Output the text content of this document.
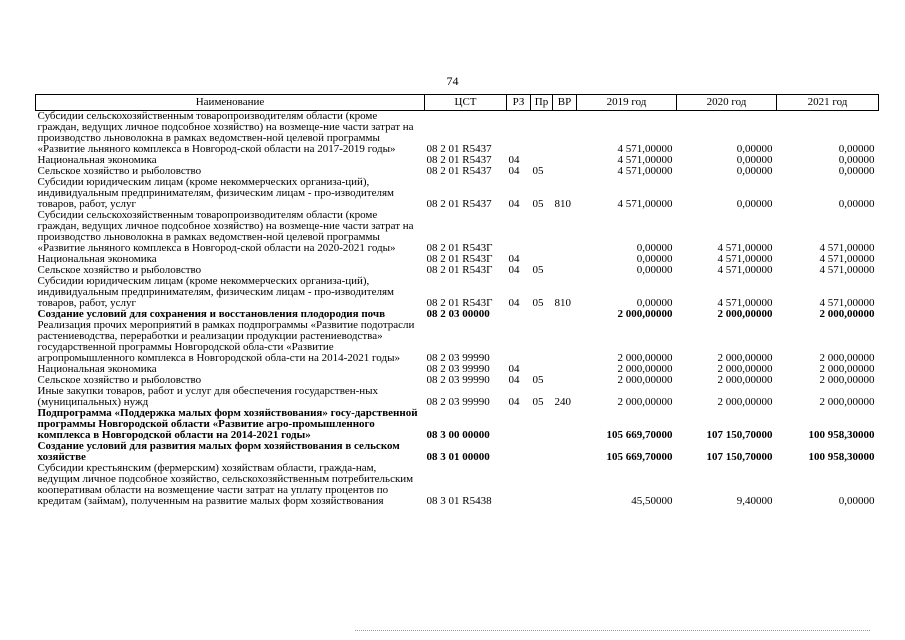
74
Наименование	ЦСТ	РЗ	Пр	ВР	2019 год	2020 год	2021 год
Субсидии сельскохозяйственным товаропроизводителям области (кроме граждан, ведущих личное подсобное хозяйство) на возмеще-ние части затрат на производство льноволокна в рамках ведомствен-ной целевой программы «Развитие льняного комплекса в Новгород-ской области на 2017-2019 годы»	08 2 01 R5437				4 571,00000	0,00000	0,00000
Национальная экономика	08 2 01 R5437	04			4 571,00000	0,00000	0,00000
Сельское хозяйство и рыболовство	08 2 01 R5437	04	05		4 571,00000	0,00000	0,00000
Субсидии юридическим лицам (кроме некоммерческих организа-ций), индивидуальным предпринимателям, физическим лицам - про-изводителям товаров, работ, услуг	08 2 01 R5437	04	05	810	4 571,00000	0,00000	0,00000
Субсидии сельскохозяйственным товаропроизводителям области (кроме граждан, ведущих личное подсобное хозяйство) на возмеще-ние части затрат на производство льноволокна в рамках ведомствен-ной целевой программы «Развитие льняного комплекса в Новгород-ской области на 2020-2021 годы»	08 2 01 R543Г				0,00000	4 571,00000	4 571,00000
Национальная экономика	08 2 01 R543Г	04			0,00000	4 571,00000	4 571,00000
Сельское хозяйство и рыболовство	08 2 01 R543Г	04	05		0,00000	4 571,00000	4 571,00000
Субсидии юридическим лицам (кроме некоммерческих организа-ций), индивидуальным предпринимателям, физическим лицам - про-изводителям товаров, работ, услуг	08 2 01 R543Г	04	05	810	0,00000	4 571,00000	4 571,00000
Создание условий для сохранения и восстановления плодородия почв	08 2 03 00000				2 000,00000	2 000,00000	2 000,00000
Реализация прочих мероприятий в рамках подпрограммы «Развитие подотрасли растениеводства, переработки и реализации продукции растениеводства» государственной программы Новгородской обла-сти «Развитие агропромышленного комплекса в Новгородской обла-сти на 2014-2021 годы»	08 2 03 99990				2 000,00000	2 000,00000	2 000,00000
Национальная экономика	08 2 03 99990	04			2 000,00000	2 000,00000	2 000,00000
Сельское хозяйство и рыболовство	08 2 03 99990	04	05		2 000,00000	2 000,00000	2 000,00000
Иные закупки товаров, работ и услуг для обеспечения государствен-ных (муниципальных) нужд	08 2 03 99990	04	05	240	2 000,00000	2 000,00000	2 000,00000
Подпрограмма «Поддержка малых форм хозяйствования» госу-дарственной программы Новгородской области «Развитие агро-промышленного комплекса в Новгородской области на 2014-2021 годы»	08 3 00 00000				105 669,70000	107 150,70000	100 958,30000
Создание условий для развития малых форм хозяйствования в сельском хозяйстве	08 3 01 00000				105 669,70000	107 150,70000	100 958,30000
Субсидии крестьянским (фермерским) хозяйствам области, гражда-нам, ведущим личное подсобное хозяйство, сельскохозяйственным потребительским кооперативам области на возмещение части затрат на уплату процентов по кредитам (займам), полученным на развитие малых форм хозяйствования	08 3 01 R5438				45,50000	9,40000	0,00000
